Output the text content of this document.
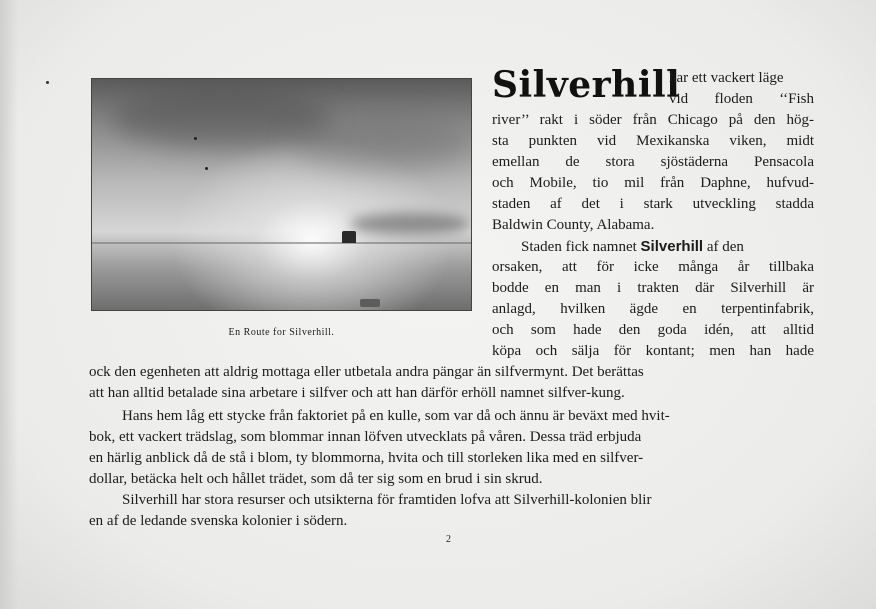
En Route for Silverhill.
Silverhill
har ett vackert läge
vid floden ‘‘Fish
river’’ rakt i söder från Chicago på den hög-
sta punkten vid Mexikanska viken, midt
emellan de stora sjöstäderna Pensacola
och Mobile, tio mil från Daphne, hufvud-
staden af det i stark utveckling stadda
Baldwin County, Alabama.
Staden fick namnet Silverhill af den
orsaken, att för icke många år tillbaka
bodde en man i trakten där Silverhill är
anlagd, hvilken ägde en terpentinfabrik,
och som hade den goda idén, att alltid
köpa och sälja för kontant; men han hade
ock den egenheten att aldrig mottaga eller utbetala andra pängar än silfvermynt. Det berättas
att han alltid betalade sina arbetare i silfver och att han därför erhöll namnet silfver-kung.
Hans hem låg ett stycke från faktoriet på en kulle, som var då och ännu är beväxt med hvit-
bok, ett vackert trädslag, som blommar innan löfven utvecklats på våren. Dessa träd erbjuda
en härlig anblick då de stå i blom, ty blommorna, hvita och till storleken lika med en silfver-
dollar, betäcka helt och hållet trädet, som då ter sig som en brud i sin skrud.
Silverhill har stora resurser och utsikterna för framtiden lofva att Silverhill-kolonien blir
en af de ledande svenska kolonier i södern.
2
